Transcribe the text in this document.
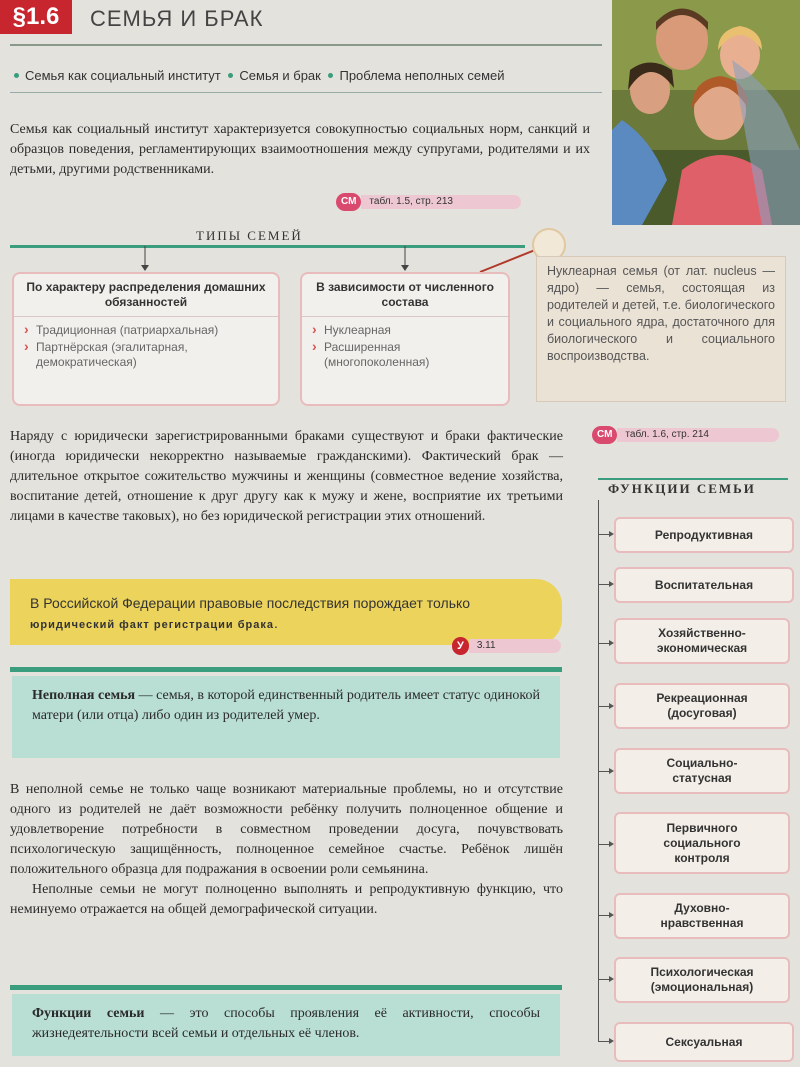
§1.6	СЕМЬЯ И БРАК
Семья как социальный институт Семья и брак Проблема неполных семей

Семья как социальный институт характеризуется совокупностью социальных норм, санкций и образцов поведения, регламентирующих взаимоотношения между супругами, родителями и их детьми, другими родственниками.

СМ	табл. 1.5, стр. 213
ТИПЫ СЕМЕЙ
По характеру распределения домашних обязанностей
› Традиционная (патриархальная)
› Партнёрская (эгалитарная, демократическая)
В зависимости от численного состава
› Нуклеарная
› Расширенная (многопоколенная)
Нуклеарная семья (от лат. nucleus — ядро) — семья, состоящая из родителей и детей, т.е. биологического и социального ядра, достаточного для биологического и социального воспроизводства.

Наряду с юридически зарегистрированными браками существуют и браки фактические (иногда юридически некорректно называемые гражданскими). Фактический брак — длительное открытое сожительство мужчины и женщины (совместное ведение хозяйства, воспитание детей, отношение к друг другу как к мужу и жене, восприятие их третьими лицами в качестве таковых), но без юридической регистрации этих отношений.

СМ	табл. 1.6, стр. 214
ФУНКЦИИ СЕМЬИ
В Российской Федерации правовые последствия порождает только юридический факт регистрации брака.
У	3.11
Неполная семья — семья, в которой единственный родитель имеет статус одинокой матери (или отца) либо один из родителей умер.

В неполной семье не только чаще возникают материальные проблемы, но и отсутствие одного из родителей не даёт возможности ребёнку получить полноценное общение и удовлетворение потребности в совместном проведении досуга, почувствовать психологическую защищённость, полноценное семейное счастье. Ребёнок лишён положительного образца для подражания в освоении роли семьянина.

Неполные семьи не могут полноценно выполнять и репродуктивную функцию, что неминуемо отражается на общей демографической ситуации.

Функции семьи — это способы проявления её активности, способы жизнедеятельности всей семьи и отдельных её членов.
Репродуктивная
Воспитательная
Хозяйственно-экономическая
Рекреационная (досуговая)
Социально-статусная
Первичного социального контроля
Духовно-нравственная
Психологическая (эмоциональная)
Сексуальная
